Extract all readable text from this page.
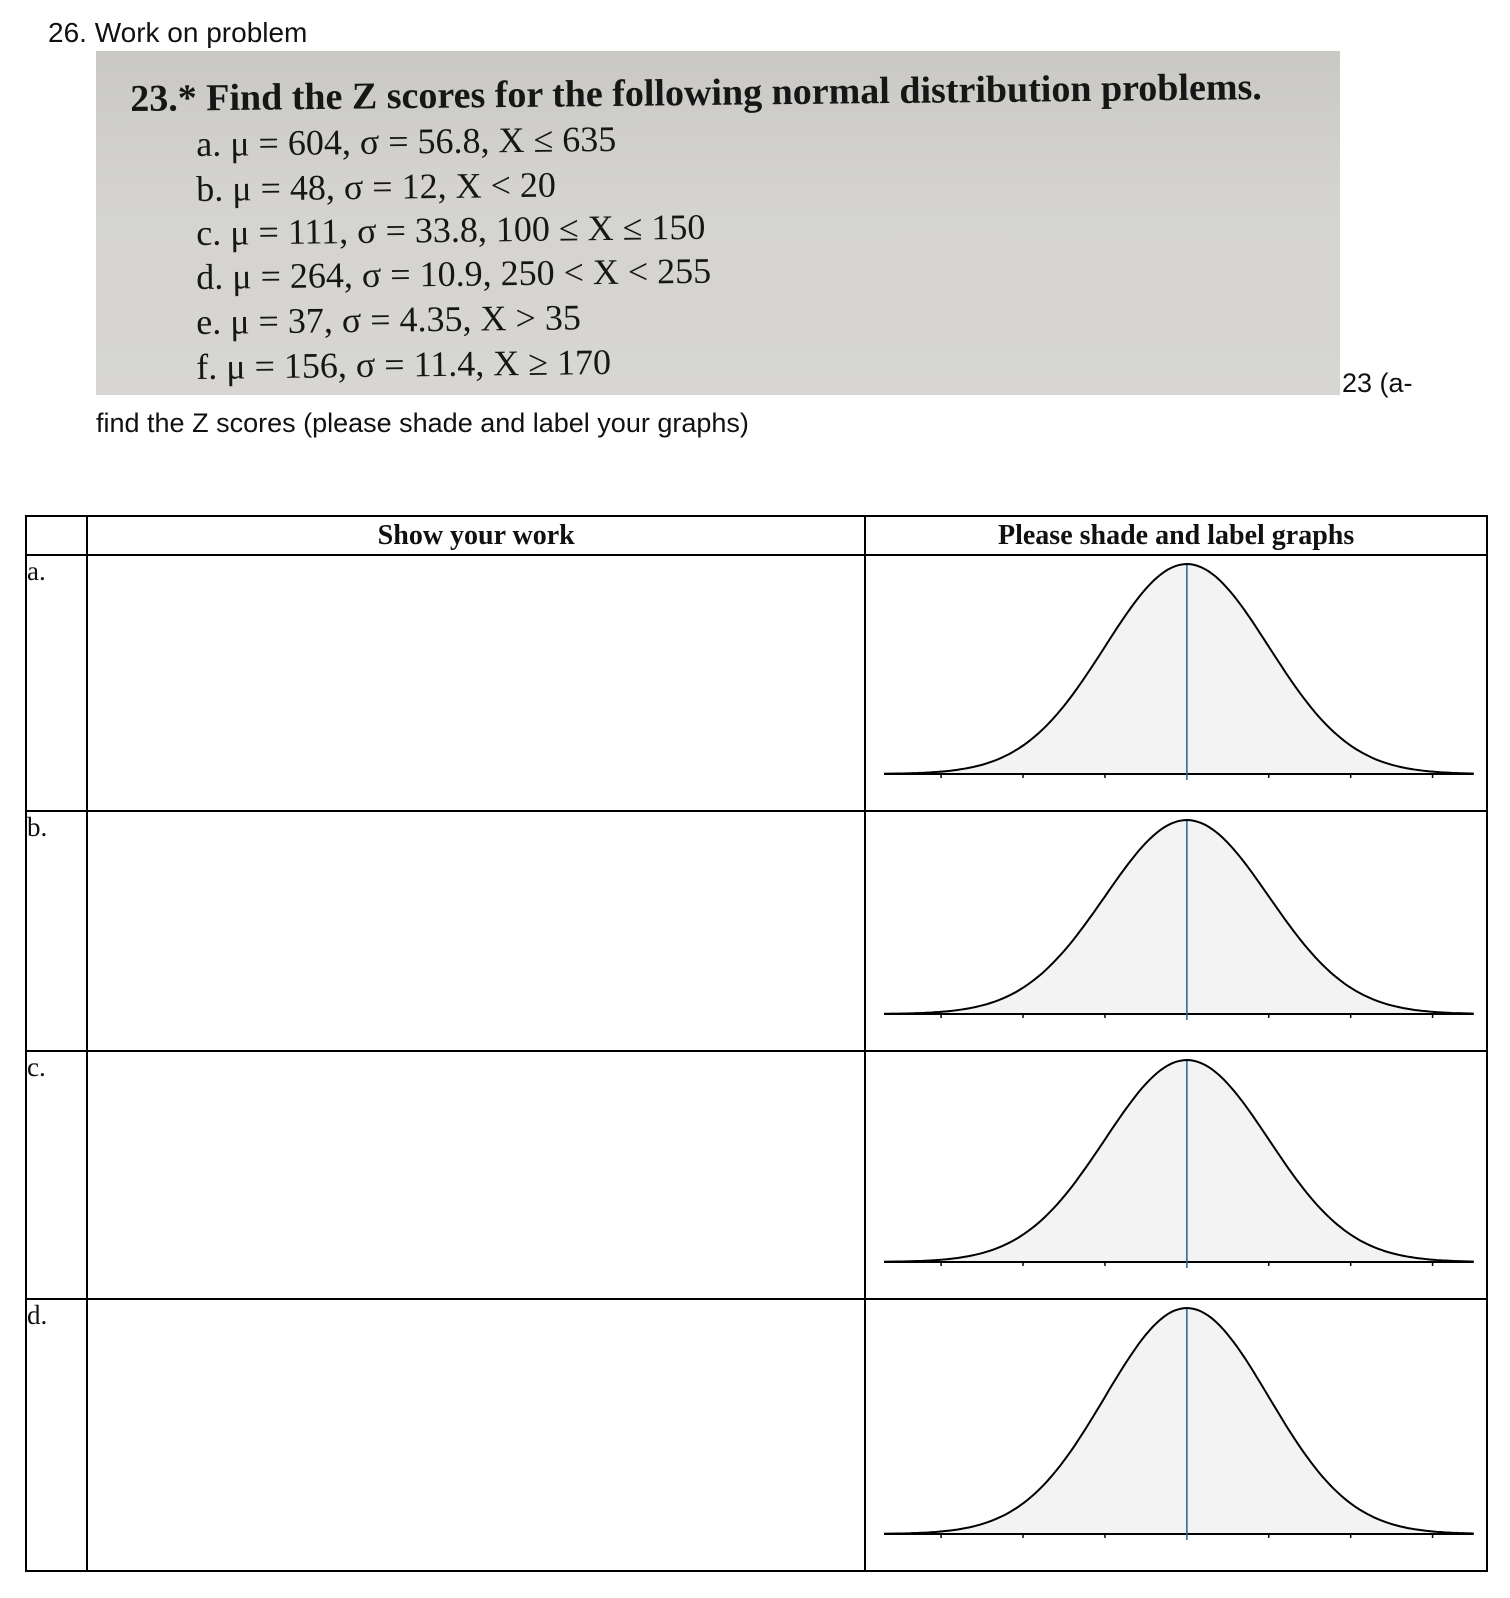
26. Work on problem
23.* Find the Z scores for the following normal distribution problems.
a. μ = 604, σ = 56.8, X ≤ 635
b. μ = 48, σ = 12, X < 20
c. μ = 111, σ = 33.8, 100 ≤ X ≤ 150
d. μ = 264, σ = 10.9, 250 < X < 255
e. μ = 37, σ = 4.35, X > 35
f. μ = 156, σ = 11.4, X ≥ 170	23 (a-
find the Z scores (please shade and label your graphs)
	Show your work	Please shade and label graphs
a.		

b.		

c.		

d.		
